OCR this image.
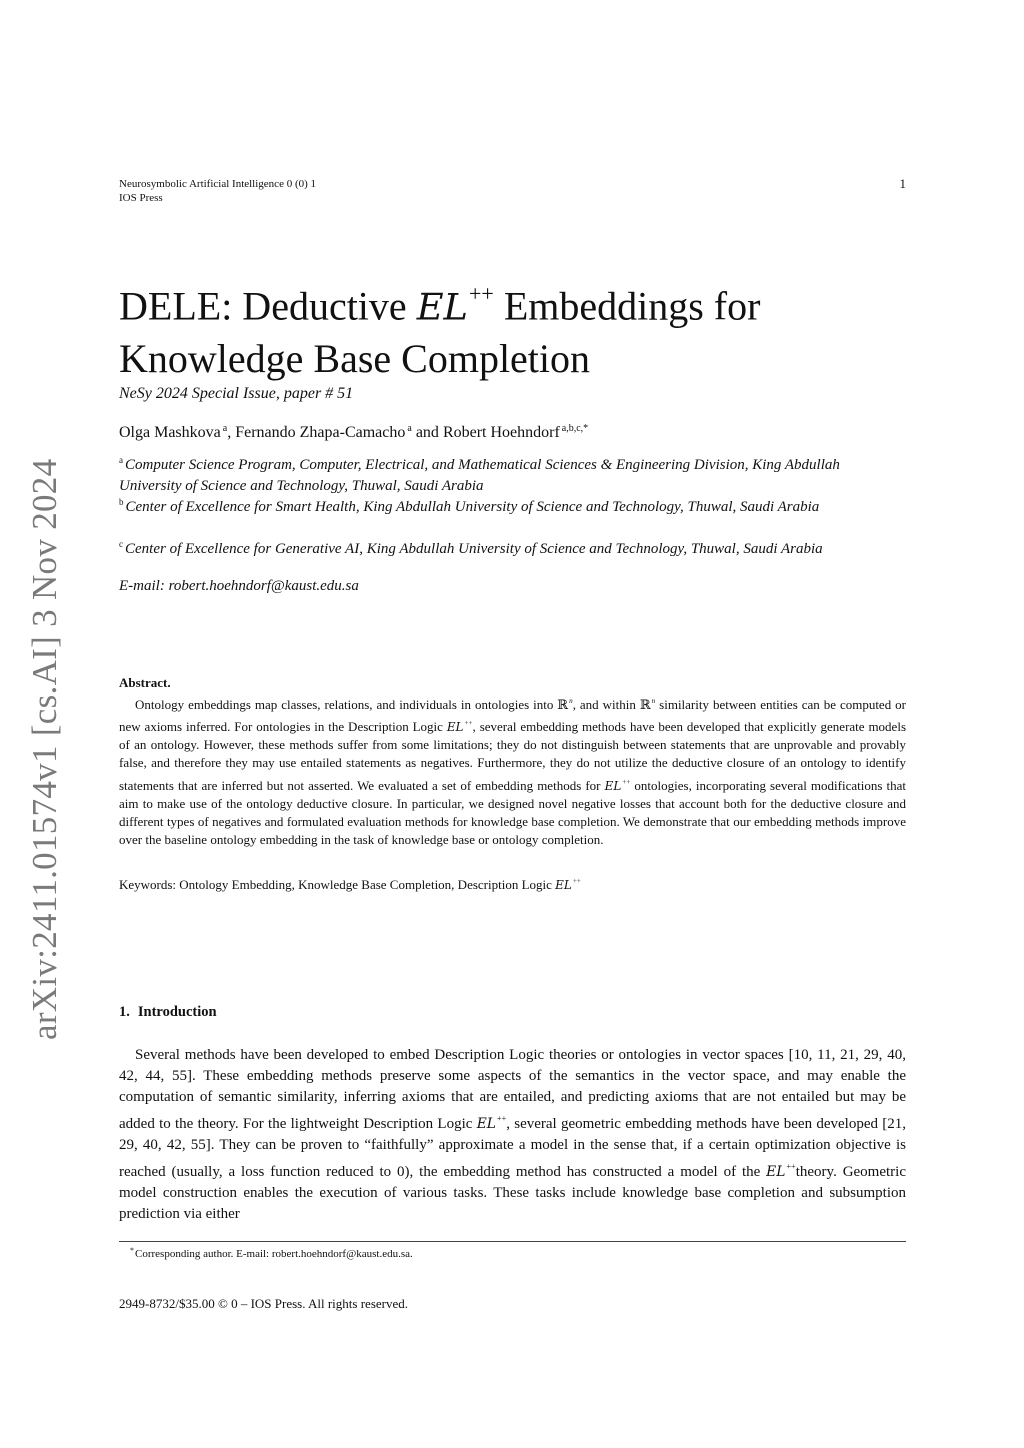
arXiv:2411.01574v1 [cs.AI] 3 Nov 2024
Neurosymbolic Artificial Intelligence 0 (0) 1
IOS Press
1
DELE: Deductive EL++ Embeddings for
Knowledge Base Completion
NeSy 2024 Special Issue, paper # 51
Olga Mashkova $^a$, Fernando Zhapa-Camacho $^a$ and Robert Hoehndorf $^{a,b,c,*}$
$^a$ Computer Science Program, Computer, Electrical, and Mathematical Sciences & Engineering Division, King Abdullah University of Science and Technology, Thuwal, Saudi Arabia
$^b$ Center of Excellence for Smart Health, King Abdullah University of Science and Technology, Thuwal, Saudi Arabia
$^c$ Center of Excellence for Generative AI, King Abdullah University of Science and Technology, Thuwal, Saudi Arabia
E-mail: robert.hoehndorf@kaust.edu.sa
Abstract.

Ontology embeddings map classes, relations, and individuals in ontologies into ℝ$^n$, and within ℝ$^n$ similarity between entities can be computed or new axioms inferred. For ontologies in the Description Logic EL++, several embedding methods have been developed that explicitly generate models of an ontology. However, these methods suffer from some limitations; they do not distinguish between statements that are unprovable and provably false, and therefore they may use entailed statements as negatives. Furthermore, they do not utilize the deductive closure of an ontology to identify statements that are inferred but not asserted. We evaluated a set of embedding methods for EL++ ontologies, incorporating several modifications that aim to make use of the ontology deductive closure. In particular, we designed novel negative losses that account both for the deductive closure and different types of negatives and formulated evaluation methods for knowledge base completion. We demonstrate that our embedding methods improve over the baseline ontology embedding in the task of knowledge base or ontology completion.

Keywords: Ontology Embedding, Knowledge Base Completion, Description Logic EL++
1. Introduction

Several methods have been developed to embed Description Logic theories or ontologies in vector spaces [10, 11, 21, 29, 40, 42, 44, 55]. These embedding methods preserve some aspects of the semantics in the vector space, and may enable the computation of semantic similarity, inferring axioms that are entailed, and predicting axioms that are not entailed but may be added to the theory. For the lightweight Description Logic EL++, several geometric embedding methods have been developed [21, 29, 40, 42, 55]. They can be proven to “faithfully” approximate a model in the sense that, if a certain optimization objective is reached (usually, a loss function reduced to 0), the embedding method has constructed a model of the EL++theory. Geometric model construction enables the execution of various tasks. These tasks include knowledge base completion and subsumption prediction via either

*Corresponding author. E-mail: robert.hoehndorf@kaust.edu.sa.
2949-8732/$35.00 © 0 – IOS Press. All rights reserved.
